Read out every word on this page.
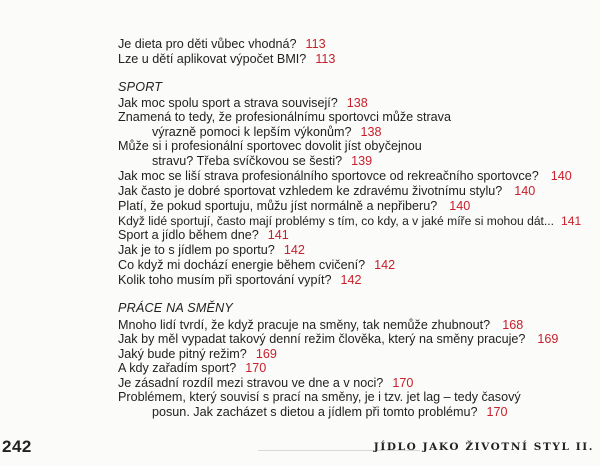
Je dieta pro děti vůbec vhodná? 113
Lze u dětí aplikovat výpočet BMI? 113
SPORT
Jak moc spolu sport a strava souvisejí? 138
Znamená to tedy, že profesionálnímu sportovci může strava
výrazně pomoci k lepším výkonům? 138
Může si i profesionální sportovec dovolit jíst obyčejnou
stravu? Třeba svíčkovou se šesti? 139
Jak moc se liší strava profesionálního sportovce od rekreačního sportovce? 140
Jak často je dobré sportovat vzhledem ke zdravému životnímu stylu? 140
Platí, že pokud sportuju, můžu jíst normálně a nepřiberu? 140
Když lidé sportují, často mají problémy s tím, co kdy, a v jaké míře si mohou dát... 141
Sport a jídlo během dne? 141
Jak je to s jídlem po sportu? 142
Co když mi dochází energie během cvičení? 142
Kolik toho musím při sportování vypít? 142
PRÁCE NA SMĚNY
Mnoho lidí tvrdí, že když pracuje na směny, tak nemůže zhubnout? 168
Jak by měl vypadat takový denní režim člověka, který na směny pracuje? 169
Jaký bude pitný režim? 169
A kdy zařadím sport? 170
Je zásadní rozdíl mezi stravou ve dne a v noci? 170
Problémem, který souvisí s prací na směny, je i tzv. jet lag – tedy časový
posun. Jak zacházet s dietou a jídlem při tomto problému? 170
242	JÍDLO JAKO ŽIVOTNÍ STYL II.
